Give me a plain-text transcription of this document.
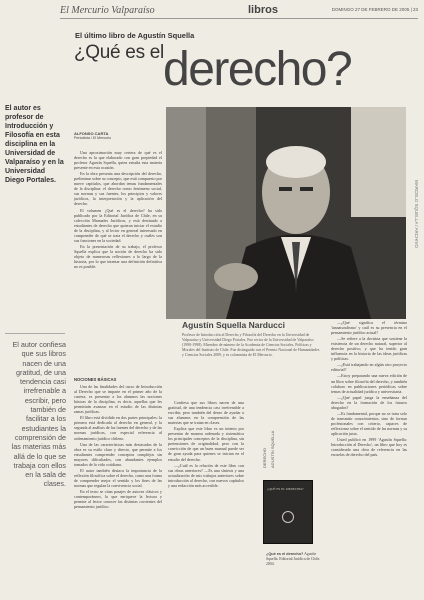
El Mercurio Valparaíso	libros	DOMINGO 27 DE FEBRERO DE 2005 | 23
El último libro de Agustín Squella
¿Qué es el derecho?
MARCELO SQUELLA / ARCHIVO
El autor es profesor de Introducción y Filosofía en esta disciplina en la Universidad de Valparaíso y en la Universidad Diego Portales.
El autor confiesa que sus libros nacen de una gratitud, de una tendencia casi irrefrenable a escribir, pero también de facilitar a los estudiantes la comprensión de las materias más allá de lo que se trabaja con ellos en la sala de clases.
ALFONSO CARTA
Periodista / El Mercurio

Una aproximación muy certera de qué es el derecho es la que elaborado con gran propiedad el profesor Agustín Squella, quien estudia esta materia presente en esta ocasión.

En la obra presenta una descripción del derecho, preliminar sobre su concepto, que está compuesto por nueve capítulos, que abordan temas fundamentales de la disciplina: el derecho como fenómeno social, sus normas y sus fuentes, los principios y valores jurídicos, la interpretación y la aplicación del derecho.

El volumen ¿Qué es el derecho? ha sido publicado por la Editorial Jurídica de Chile, en su colección Manuales Jurídicos, y está destinado a estudiantes de derecho que quieran iniciar el estudio de la disciplina, y al lector en general interesado en comprender de qué se trata el derecho y cuáles son sus funciones en la sociedad.

En la presentación de su trabajo, el profesor Squella explica que la noción de derecho ha sido objeto de numerosas reflexiones a lo largo de la historia, por lo que intentar una definición definitiva no es posible.

NOCIONES BÁSICAS

Una de las finalidades del curso de Introducción al Derecho que se imparte en el primer año de la carrera, es presentar a los alumnos las nociones básicas de la disciplina, es decir, aquellas que les permitirán avanzar en el estudio de las distintas ramas jurídicas.

El libro está dividido en dos partes principales: la primera está dedicada al derecho en general, y la segunda al análisis de las fuentes del derecho y de las normas jurídicas, con especial referencia al ordenamiento jurídico chileno.

Una de las características más destacadas de la obra es su estilo claro y directo, que permite a los estudiantes comprender conceptos complejos sin mayores dificultades, con abundantes ejemplos tomados de la vida cotidiana.

El autor también destaca la importancia de la reflexión filosófica sobre el derecho, como una forma de comprender mejor el sentido y los fines de las normas que regulan la convivencia social.

En el texto se citan pasajes de autores clásicos y contemporáneos, lo que enriquece la lectura y permite al lector conocer las distintas corrientes del pensamiento jurídico.

Agustín Squella Narducci
Profesor de Introducción al Derecho y Filosofía del Derecho en la Universidad de Valparaíso y Universidad Diego Portales. Fue rector de la Universidad de Valparaíso (1990-1998). Miembro de número de la Academia de Ciencias Sociales, Políticas y Morales del Instituto de Chile. Fue distinguido con el Premio Nacional de Humanidades y Ciencias Sociales 2009, y es columnista de El Mercurio.

Confiesa que sus libros nacen de una gratitud, de una tendencia casi irrefrenable a escribir, pero también del deseo de ayudar a sus alumnos en la comprensión de las materias que se tratan en clases.

Explica que este libro es un intento por presentar de manera ordenada y sistemática los principales conceptos de la disciplina, sin pretensiones de originalidad, pero con la convicción de que un buen manual puede ser de gran ayuda para quienes se inician en el estudio del derecho.

—¿Cuál es la relación de este libro con sus obras anteriores? —Es una síntesis y una actualización de mis trabajos anteriores sobre introducción al derecho, con nuevos capítulos y una redacción más accesible.

DERECHO AGUSTÍN SQUELLA
¿QUÉ ES EL DERECHO?
¿Qué es el derecho? Agustín Squella. Editorial Jurídica de Chile. 2004.

—¿Qué significa el término 'iusnaturalismo' y cuál es su presencia en el pensamiento jurídico actual?

—Se refiere a la doctrina que sostiene la existencia de un derecho natural, superior al derecho positivo, y que ha tenido gran influencia en la historia de las ideas jurídicas y políticas.

—¿Está trabajando en algún otro proyecto editorial?

—Estoy preparando una nueva edición de un libro sobre filosofía del derecho, y también colaboro en publicaciones periódicas sobre temas de actualidad jurídica y universitaria.

—¿Qué papel juega la enseñanza del derecho en la formación de los futuros abogados?

—Es fundamental, porque no se trata solo de transmitir conocimientos, sino de formar profesionales con criterio, capaces de reflexionar sobre el sentido de las normas y su aplicación justa.

Usted publicó en 1999 'Agustín Squella: Introducción al Derecho', un libro que hoy es considerado una obra de referencia en las escuelas de derecho del país.
